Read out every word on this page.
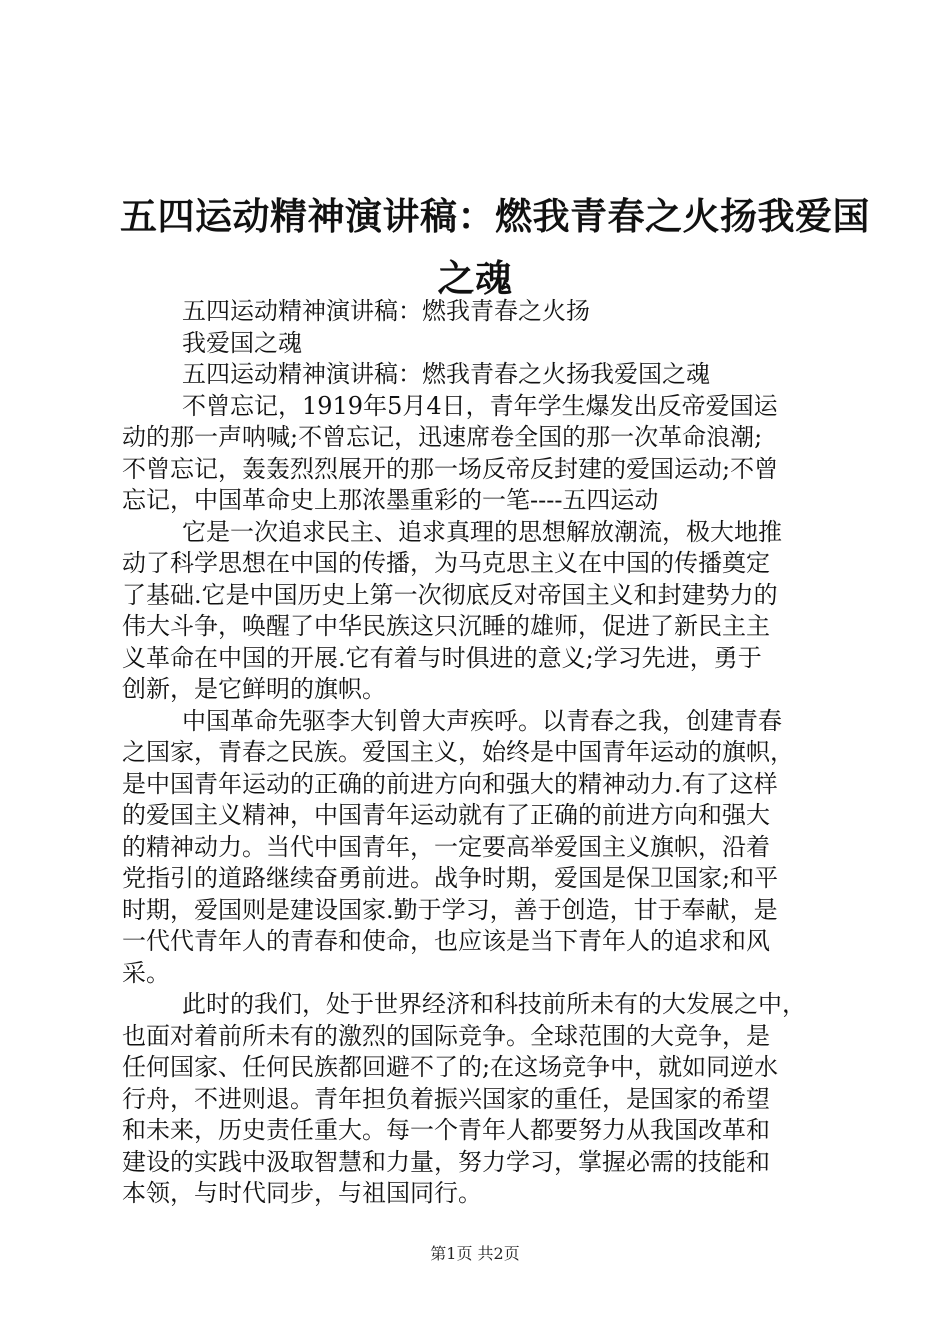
五四运动精神演讲稿：燃我青春之火扬我爱国
之魂

五四运动精神演讲稿：燃我青春之火扬

我爱国之魂

五四运动精神演讲稿：燃我青春之火扬我爱国之魂

不曾忘记，1919年5月4日，青年学生爆发出反帝爱国运

动的那一声呐喊;不曾忘记，迅速席卷全国的那一次革命浪潮;

不曾忘记，轰轰烈烈展开的那一场反帝反封建的爱国运动;不曾

忘记，中国革命史上那浓墨重彩的一笔----五四运动

它是一次追求民主、追求真理的思想解放潮流，极大地推

动了科学思想在中国的传播，为马克思主义在中国的传播奠定

了基础.它是中国历史上第一次彻底反对帝国主义和封建势力的

伟大斗争，唤醒了中华民族这只沉睡的雄师，促进了新民主主

义革命在中国的开展.它有着与时俱进的意义;学习先进，勇于

创新，是它鲜明的旗帜。

中国革命先驱李大钊曾大声疾呼。以青春之我，创建青春

之国家，青春之民族。爱国主义，始终是中国青年运动的旗帜，

是中国青年运动的正确的前进方向和强大的精神动力.有了这样

的爱国主义精神，中国青年运动就有了正确的前进方向和强大

的精神动力。当代中国青年，一定要高举爱国主义旗帜，沿着

党指引的道路继续奋勇前进。战争时期，爱国是保卫国家;和平

时期，爱国则是建设国家.勤于学习，善于创造，甘于奉献，是

一代代青年人的青春和使命，也应该是当下青年人的追求和风

采。

此时的我们，处于世界经济和科技前所未有的大发展之中，

也面对着前所未有的激烈的国际竞争。全球范围的大竞争，是

任何国家、任何民族都回避不了的;在这场竞争中，就如同逆水

行舟，不进则退。青年担负着振兴国家的重任，是国家的希望

和未来，历史责任重大。每一个青年人都要努力从我国改革和

建设的实践中汲取智慧和力量，努力学习，掌握必需的技能和

本领，与时代同步，与祖国同行。

第1页 共2页
